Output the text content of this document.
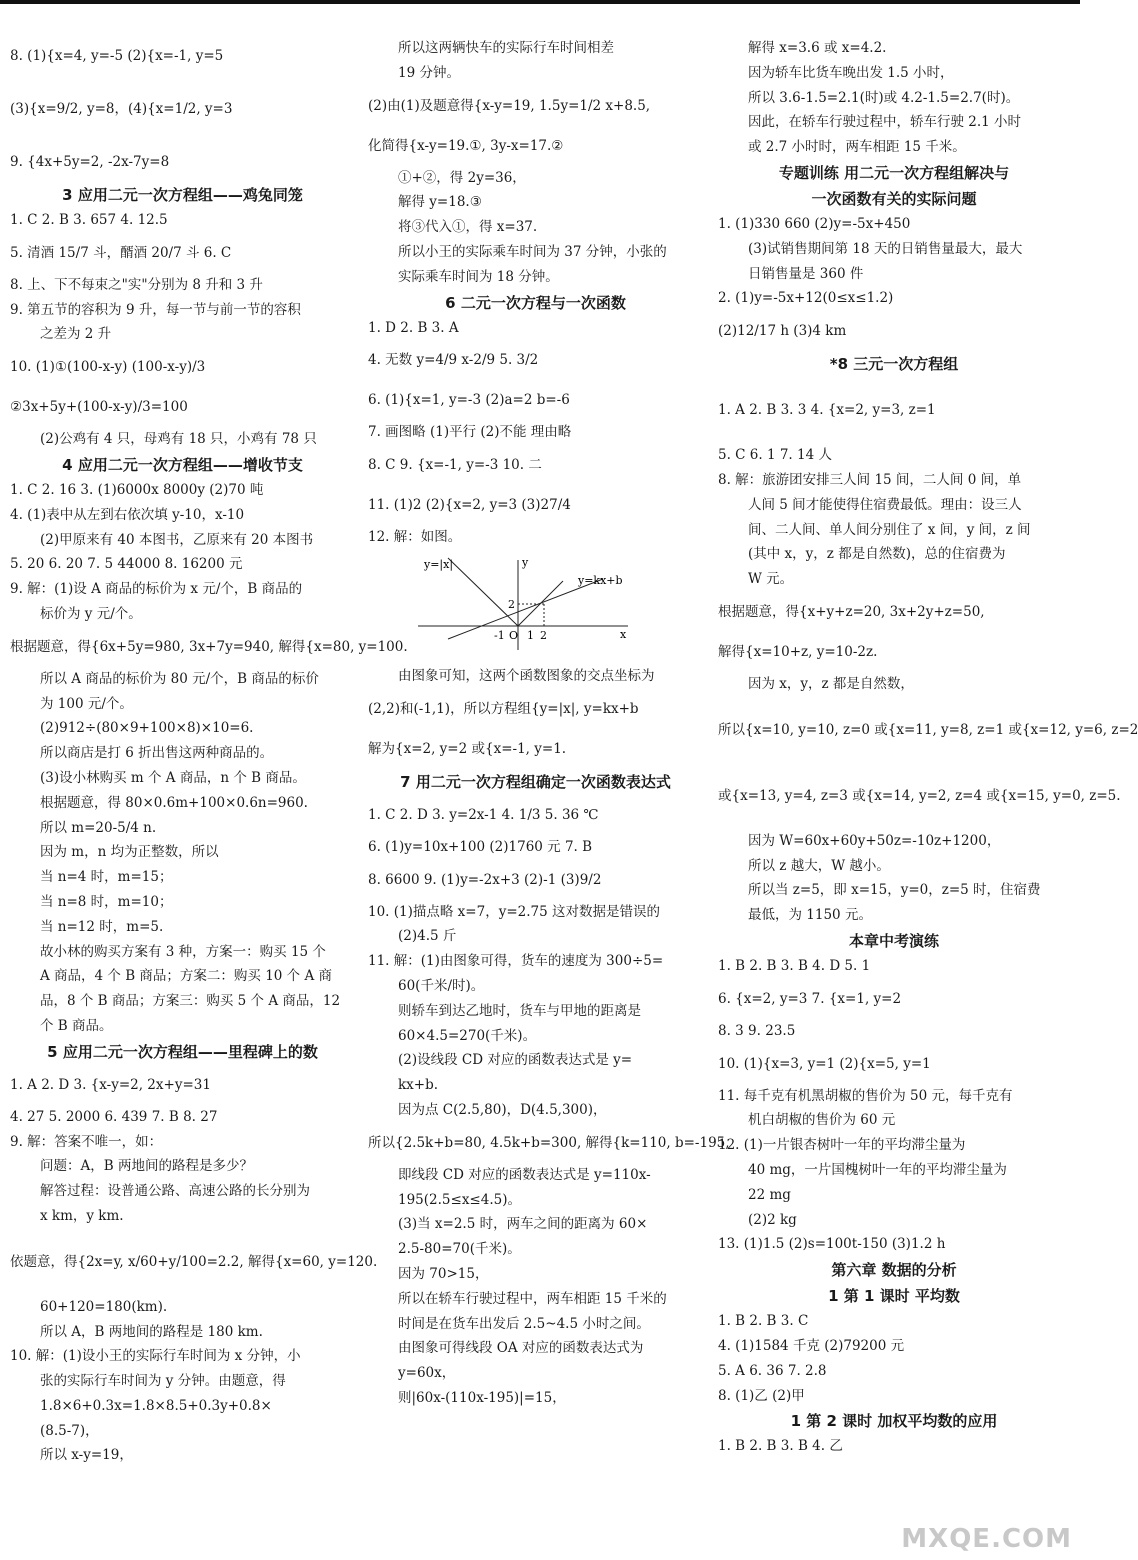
8. (1){x=4, y=-5 (2){x=-1, y=5
(3){x=9/2, y=8，(4){x=1/2, y=3
9. {4x+5y=2, -2x-7y=8
3 应用二元一次方程组——鸡兔同笼
1. C 2. B 3. 657 4. 12.5
5. 清酒 15/7 斗，醑酒 20/7 斗 6. C
8. 上、下不每束之"实"分别为 8 升和 3 升
9. 第五节的容积为 9 升，每一节与前一节的容积
之差为 2 升
10. (1)①(100-x-y) (100-x-y)/3
②3x+5y+(100-x-y)/3=100
(2)公鸡有 4 只，母鸡有 18 只，小鸡有 78 只
4 应用二元一次方程组——增收节支
1. C 2. 16 3. (1)6000x 8000y (2)70 吨
4. (1)表中从左到右依次填 y-10，x-10
(2)甲原来有 40 本图书，乙原来有 20 本图书
5. 20 6. 20 7. 5 44000 8. 16200 元
9. 解：(1)设 A 商品的标价为 x 元/个，B 商品的
标价为 y 元/个。
根据题意，得{6x+5y=980, 3x+7y=940, 解得{x=80, y=100.
所以 A 商品的标价为 80 元/个，B 商品的标价
为 100 元/个。
(2)912÷(80×9+100×8)×10=6.
所以商店是打 6 折出售这两种商品的。
(3)设小林购买 m 个 A 商品，n 个 B 商品。
根据题意，得 80×0.6m+100×0.6n=960.
所以 m=20-5/4 n.
因为 m，n 均为正整数，所以
当 n=4 时，m=15；
当 n=8 时，m=10；
当 n=12 时，m=5.
故小林的购买方案有 3 种，方案一：购买 15 个
A 商品，4 个 B 商品；方案二：购买 10 个 A 商
品，8 个 B 商品；方案三：购买 5 个 A 商品，12
个 B 商品。
5 应用二元一次方程组——里程碑上的数
1. A 2. D 3. {x-y=2, 2x+y=31
4. 27 5. 2000 6. 439 7. B 8. 27
9. 解：答案不唯一，如：
问题：A，B 两地间的路程是多少？
解答过程：设普通公路、高速公路的长分别为
x km，y km.
依题意，得{2x=y, x/60+y/100=2.2, 解得{x=60, y=120.
60+120=180(km).
所以 A，B 两地间的路程是 180 km.
10. 解：(1)设小王的实际行车时间为 x 分钟，小
张的实际行车时间为 y 分钟。由题意，得
1.8×6+0.3x=1.8×8.5+0.3y+0.8×
(8.5-7)，
所以 x-y=19，
所以这两辆快车的实际行车时间相差
19 分钟。
(2)由(1)及题意得{x-y=19, 1.5y=1/2 x+8.5,
化简得{x-y=19.①, 3y-x=17.②
①+②，得 2y=36，
解得 y=18.③
将③代入①，得 x=37.
所以小王的实际乘车时间为 37 分钟，小张的
实际乘车时间为 18 分钟。
6 二元一次方程与一次函数
1. D 2. B 3. A
4. 无数 y=4/9 x-2/9 5. 3/2
6. (1){x=1, y=-3 (2)a=2 b=-6
7. 画图略 (1)平行 (2)不能 理由略
8. C 9. {x=-1, y=-3 10. 二
11. (1)2 (2){x=2, y=3 (3)27/4
12. 解：如图。
y=|x|
y=kx+b
x
y
O
-1 1 2
2
由图象可知，这两个函数图象的交点坐标为
(2,2)和(-1,1)，所以方程组{y=|x|, y=kx+b
解为{x=2, y=2 或{x=-1, y=1.
7 用二元一次方程组确定一次函数表达式
1. C 2. D 3. y=2x-1 4. 1/3 5. 36 ℃
6. (1)y=10x+100 (2)1760 元 7. B
8. 6600 9. (1)y=-2x+3 (2)-1 (3)9/2
10. (1)描点略 x=7，y=2.75 这对数据是错误的
(2)4.5 斤
11. 解：(1)由图象可得，货车的速度为 300÷5=
60(千米/时)。
则轿车到达乙地时，货车与甲地的距离是
60×4.5=270(千米)。
(2)设线段 CD 对应的函数表达式是 y=
kx+b.
因为点 C(2.5,80)，D(4.5,300)，
所以{2.5k+b=80, 4.5k+b=300, 解得{k=110, b=-195,
即线段 CD 对应的函数表达式是 y=110x-
195(2.5≤x≤4.5)。
(3)当 x=2.5 时，两车之间的距离为 60×
2.5-80=70(千米)。
因为 70>15，
所以在轿车行驶过程中，两车相距 15 千米的
时间是在货车出发后 2.5~4.5 小时之间。
由图象可得线段 OA 对应的函数表达式为
y=60x，
则|60x-(110x-195)|=15，
解得 x=3.6 或 x=4.2.
因为轿车比货车晚出发 1.5 小时，
所以 3.6-1.5=2.1(时)或 4.2-1.5=2.7(时)。
因此，在轿车行驶过程中，轿车行驶 2.1 小时
或 2.7 小时时，两车相距 15 千米。
专题训练 用二元一次方程组解决与
一次函数有关的实际问题
1. (1)330 660 (2)y=-5x+450
(3)试销售期间第 18 天的日销售量最大，最大
日销售量是 360 件
2. (1)y=-5x+12(0≤x≤1.2)
(2)12/17 h (3)4 km
*8 三元一次方程组
1. A 2. B 3. 3 4. {x=2, y=3, z=1
5. C 6. 1 7. 14 人
8. 解：旅游团安排三人间 15 间，二人间 0 间，单
人间 5 间才能使得住宿费最低。理由：设三人
间、二人间、单人间分别住了 x 间，y 间，z 间
(其中 x，y，z 都是自然数)，总的住宿费为
W 元。
根据题意，得{x+y+z=20, 3x+2y+z=50,
解得{x=10+z, y=10-2z.
因为 x，y，z 都是自然数，
所以{x=10, y=10, z=0 或{x=11, y=8, z=1 或{x=12, y=6, z=2
或{x=13, y=4, z=3 或{x=14, y=2, z=4 或{x=15, y=0, z=5.
因为 W=60x+60y+50z=-10z+1200，
所以 z 越大，W 越小。
所以当 z=5，即 x=15，y=0，z=5 时，住宿费
最低，为 1150 元。
本章中考演练
1. B 2. B 3. B 4. D 5. 1
6. {x=2, y=3 7. {x=1, y=2
8. 3 9. 23.5
10. (1){x=3, y=1 (2){x=5, y=1
11. 每千克有机黑胡椒的售价为 50 元，每千克有
机白胡椒的售价为 60 元
12. (1)一片银杏树叶一年的平均滞尘量为
40 mg，一片国槐树叶一年的平均滞尘量为
22 mg
(2)2 kg
13. (1)1.5 (2)s=100t-150 (3)1.2 h
第六章 数据的分析
1 第 1 课时 平均数
1. B 2. B 3. C
4. (1)1584 千克 (2)79200 元
5. A 6. 36 7. 2.8
8. (1)乙 (2)甲
1 第 2 课时 加权平均数的应用
1. B 2. B 3. B 4. 乙
MXQE.COM
